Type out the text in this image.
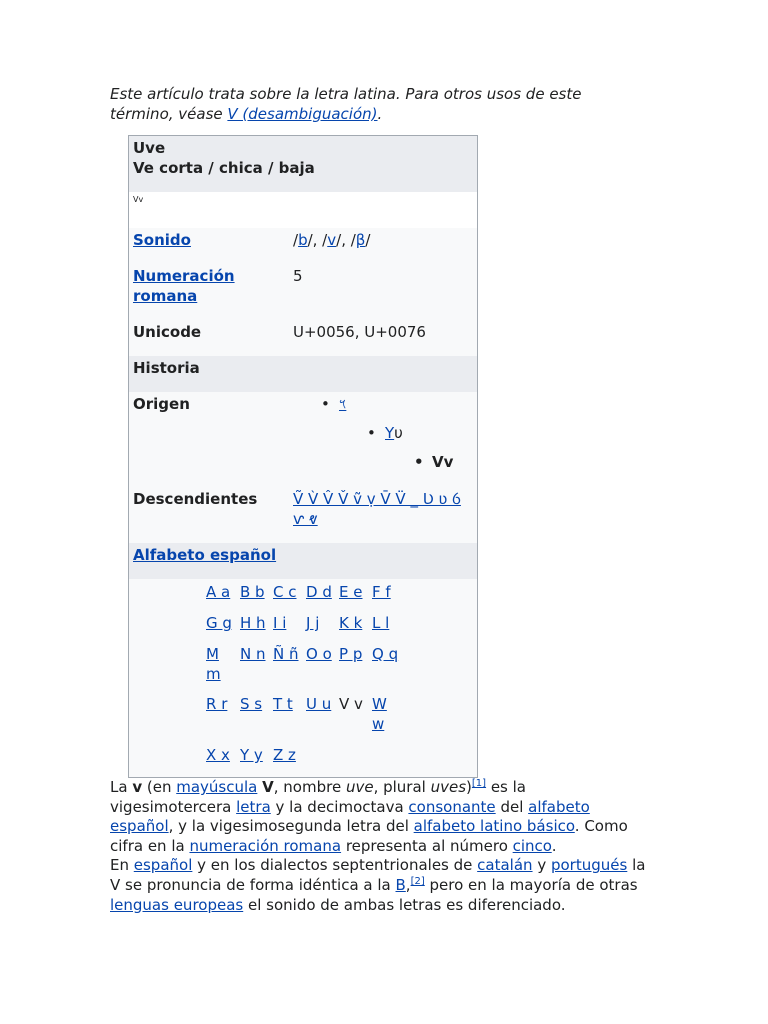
Este artículo trata sobre la letra latina. Para otros usos de este término, véase V (desambiguación).
Uve
Ve corta / chica / baja
Vv
Sonido	/b/, /v/, /β/
Numeración romana
5
Unicode	U+0056, U+0076
Historia
Origen
•	𐤅
• Υυ
• Vv
Descendientes Ṽ V̀ V̂ V̌ ṽ ṿ V̄ V̈ _ Ʋ ʋ ỽ
ⱱ ⱴ
Alfabeto español
A a B b C c D d E e F f
G g H h I i J j K k L l
M m
N n Ñ ñ O o P p Q q
R r S s T t U u V v W w
X x Y y Z z
La v (en mayúscula V, nombre uve, plural uves)[1] es la vigesimotercera letra y la decimoctava consonante del alfabeto español, y la vigesimosegunda letra del alfabeto latino básico. Como cifra en la numeración romana representa al número cinco.
En español y en los dialectos septentrionales de catalán y portugués la V se pronuncia de forma idéntica a la B,[2] pero en la mayoría de otras lenguas europeas el sonido de ambas letras es diferenciado.
